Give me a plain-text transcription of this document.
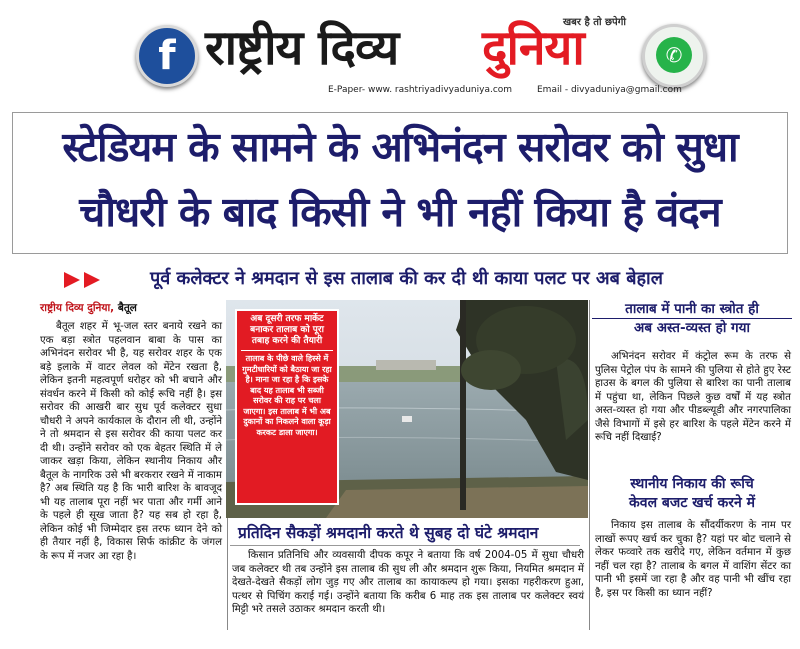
f राष्ट्रीय दिव्य दुनिया
खबर है तो छपेगी
✆
E-Paper- www. rashtriyadivyaduniya.com	Email - divyaduniya@gmail.com
स्टेडियम के सामने के अभिनंदन सरोवर को सुधा
चौधरी के बाद किसी ने भी नहीं किया है वंदन
पूर्व कलेक्टर ने श्रमदान से इस तालाब की कर दी थी काया पलट पर अब बेहाल
राष्ट्रीय दिव्य दुनिया, बैतूल

बैतूल शहर में भू-जल स्तर बनाये रखने का एक बड़ा स्त्रोत पहलवान बाबा के पास का अभिनंदन सरोवर भी है, यह सरोवर शहर के एक बड़े इलाके में वाटर लेवल को मेंटेन रखता है, लेकिन इतनी महत्वपूर्ण धरोहर को भी बचाने और संवर्धन करने में किसी को कोई रूचि नहीं है। इस सरोवर की आखरी बार सुध पूर्व कलेक्टर सुधा चौधरी ने अपने कार्यकाल के दौरान ली थी, उन्होंने ने तो श्रमदान से इस सरोवर की काया पलट कर दी थी। उन्होंने सरोवर को एक बेहतर स्थिति में ले जाकर खड़ा किया, लेकिन स्थानीय निकाय और बैतूल के नागरिक उसे भी बरकरार रखने में नाकाम है? अब स्थिति यह है कि भारी बारिश के बावजूद भी यह तालाब पूरा नहीं भर पाता और गर्मी आने के पहले ही सूख जाता है? यह सब हो रहा है, लेकिन कोई भी जिम्मेदार इस तरफ ध्यान देने को ही तैयार नहीं है, विकास सिर्फ कांक्रीट के जंगल के रूप में नजर आ रहा है।

अब दूसरी तरफ मार्केट बनाकर तालाब को पूरा तबाह करने की तैयारी
तालाब के पीछे वाले हिस्से में गुमटीधारियों को बैठाया जा रहा है। माना जा रहा है कि इसके बाद यह तालाब भी सब्जी सरोवर की राह पर चला जाएगा। इस तालाब में भी अब दुकानों का निकलने वाला कूड़ा करकट डाला जाएगा।
प्रतिदिन सैकड़ों श्रमदानी करते थे सुबह दो घंटे श्रमदान

किसान प्रतिनिधि और व्यवसायी दीपक कपूर ने बताया कि वर्ष 2004-05 में सुधा चौधरी जब कलेक्टर थी तब उन्होंने इस तालाब की सुध ली और श्रमदान शुरू किया, नियमित श्रमदान में देखते-देखते सैकड़ों लोग जुड़ गए और तालाब का कायाकल्प हो गया। इसका गहरीकरण हुआ, पत्थर से पिचिंग कराई गई। उन्होंने बताया कि करीब 6 माह तक इस तालाब पर कलेक्टर स्वयं मिट्टी भरे तसले उठाकर श्रमदान करती थी।

तालाब में पानी का स्त्रोत ही
अब अस्त-व्यस्त हो गया

अभिनंदन सरोवर में कंट्रोल रूम के तरफ से पुलिस पेट्रोल पंप के सामने की पुलिया से होते हुए रेस्ट हाउस के बगल की पुलिया से बारिश का पानी तालाब में पहुंचा था, लेकिन पिछले कुछ वर्षों में यह स्त्रोत अस्त-व्यस्त हो गया और पीडब्ल्यूडी और नगरपालिका जैसे विभागों में इसे हर बारिश के पहले मेंटेन करने में रूचि नहीं दिखाई?

स्थानीय निकाय की रूचि
केवल बजट खर्च करने में

निकाय इस तालाब के सौंदर्यीकरण के नाम पर लाखों रूपए खर्च कर चुका है? यहां पर बोट चलाने से लेकर फव्वारे तक खरीदे गए, लेकिन वर्तमान में कुछ नहीं चल रहा है? तालाब के बगल में वाशिंग सेंटर का पानी भी इसमें जा रहा है और वह पानी भी खींच रहा है, इस पर किसी का ध्यान नहीं?
